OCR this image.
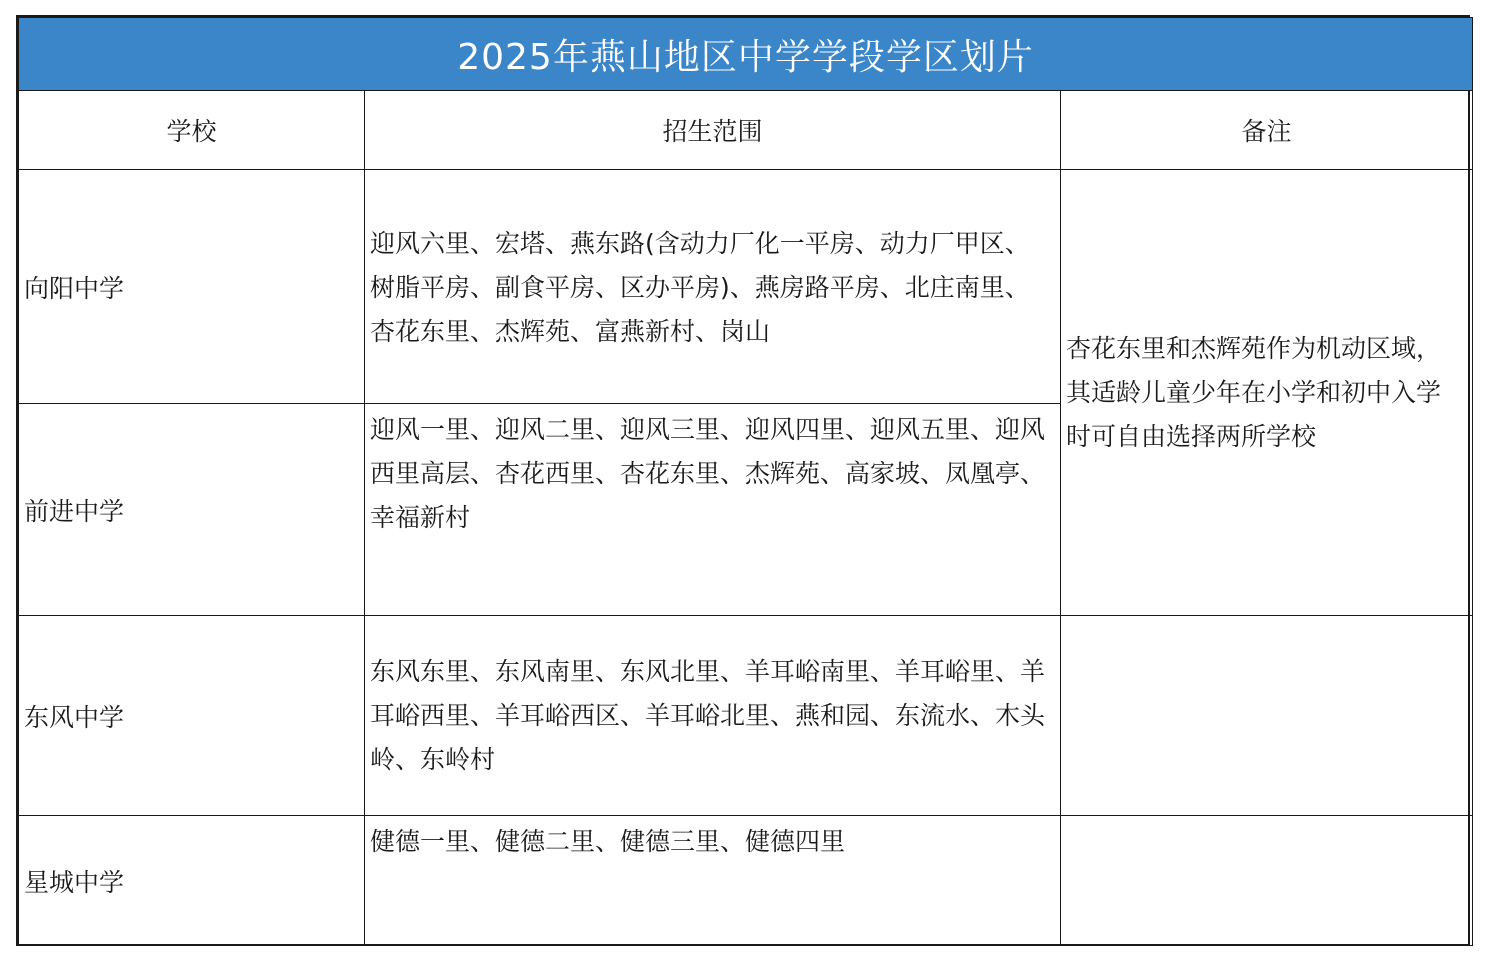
2025年燕山地区中学学段学区划片		
学校	招生范围	备注
向阳中学	迎风六里、宏塔、燕东路(含动力厂化一平房、动力厂甲区、树脂平房、副食平房、区办平房)、燕房路平房、北庄南里、杏花东里、杰辉苑、富燕新村、岗山	杏花东里和杰辉苑作为机动区域，其适龄儿童少年在小学和初中入学时可自由选择两所学校
前进中学	迎风一里、迎风二里、迎风三里、迎风四里、迎风五里、迎风西里高层、杏花西里、杏花东里、杰辉苑、高家坡、凤凰亭、幸福新村	
东风中学	东风东里、东风南里、东风北里、羊耳峪南里、羊耳峪里、羊耳峪西里、羊耳峪西区、羊耳峪北里、燕和园、东流水、木头岭、东岭村	
星城中学	健德一里、健德二里、健德三里、健德四里	
